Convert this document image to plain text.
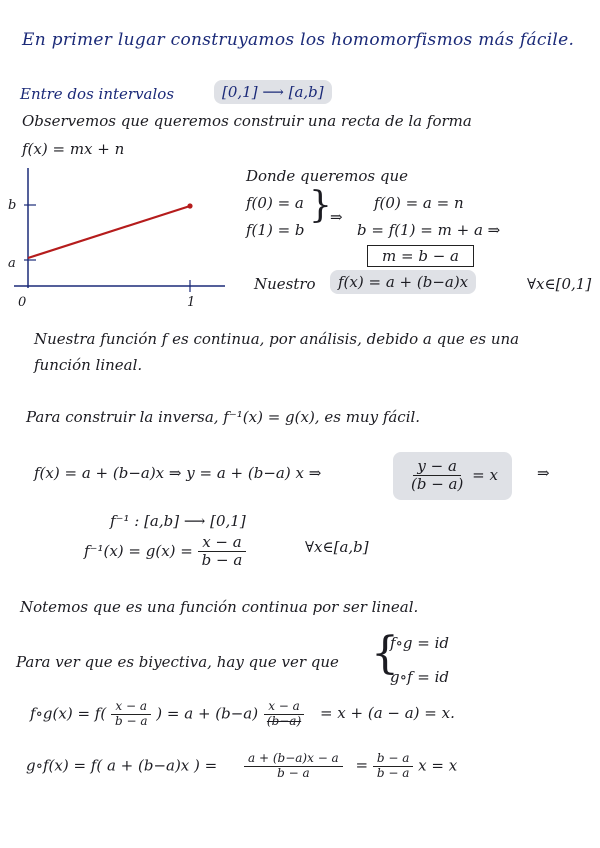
En primer lugar construyamos los homomorfismos más fácile.
Entre dos intervalos	[0,1] ⟶ [a,b]
Observemos que queremos construir una recta de la forma
f(x) = mx + n
b
a
0	1
Donde queremos que
f(0) = a
f(1) = b
}
⇒
f(0) = a = n
b = f(1) = m + a ⇒
m = b − a
Nuestro	f(x) = a + (b−a)x	∀x∈[0,1]
Nuestra función f es continua, por análisis, debido a que es una
función lineal.
Para construir la inversa, f⁻¹(x) = g(x), es muy fácil.
f(x) = a + (b−a)x ⇒ y = a + (b−a) x ⇒	$\frac{y - a}{(b - a)} = x$	⇒
f⁻¹ : [a,b] ⟶ [0,1]
$f^{-1}(x) = g(x) = \frac{x - a}{b - a}$	∀x∈[a,b]
Notemos que es una función continua por ser lineal.
Para ver que es biyectiva, hay que ver que {
f∘g = id
g∘f = id
f∘g(x) = $f( \frac{x - a}{b - a}$ ) = $a + (b-a) \frac{x - a}{(b-a)} = x + (a - a) = x$.
g∘f(x) = f( a + (b−a)x ) = $\frac{a + (b-a)x - a}{b - a} = \frac{b - a}{b - a}$ x = x
